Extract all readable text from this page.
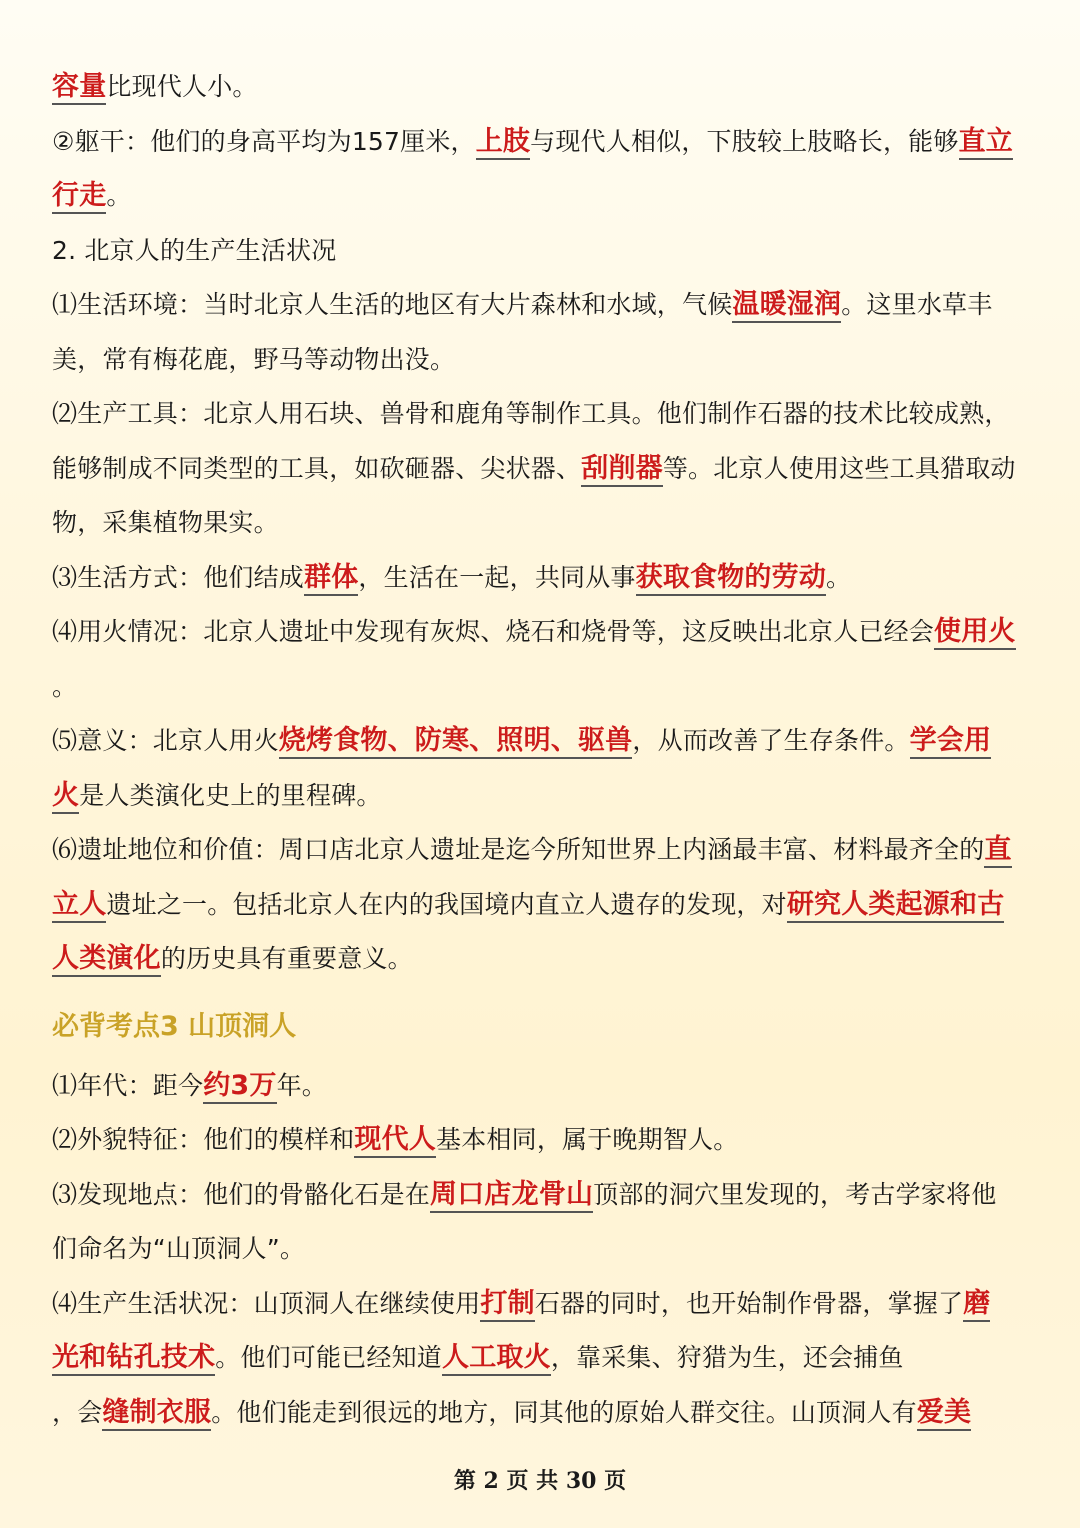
容量比现代人小。
②躯干：他们的身高平均为157厘米，上肢与现代人相似，下肢较上肢略长，能够直立
行走。
2. 北京人的生产生活状况
⑴生活环境：当时北京人生活的地区有大片森林和水域，气候温暖湿润。这里水草丰
美，常有梅花鹿，野马等动物出没。
⑵生产工具：北京人用石块、兽骨和鹿角等制作工具。他们制作石器的技术比较成熟，
能够制成不同类型的工具，如砍砸器、尖状器、刮削器等。北京人使用这些工具猎取动
物，采集植物果实。
⑶生活方式：他们结成群体，生活在一起，共同从事获取食物的劳动。
⑷用火情况：北京人遗址中发现有灰烬、烧石和烧骨等，这反映出北京人已经会使用火
。
⑸意义：北京人用火烧烤食物、防寒、照明、驱兽，从而改善了生存条件。学会用
火是人类演化史上的里程碑。
⑹遗址地位和价值：周口店北京人遗址是迄今所知世界上内涵最丰富、材料最齐全的直
立人遗址之一。包括北京人在内的我国境内直立人遗存的发现，对研究人类起源和古
人类演化的历史具有重要意义。
必背考点3 山顶洞人
⑴年代：距今约3万年。
⑵外貌特征：他们的模样和现代人基本相同，属于晚期智人。
⑶发现地点：他们的骨骼化石是在周口店龙骨山顶部的洞穴里发现的，考古学家将他
们命名为“山顶洞人”。
⑷生产生活状况：山顶洞人在继续使用打制石器的同时，也开始制作骨器，掌握了磨
光和钻孔技术。他们可能已经知道人工取火，靠采集、狩猎为生，还会捕鱼
，会缝制衣服。他们能走到很远的地方，同其他的原始人群交往。山顶洞人有爱美
第 2 页 共 30 页
